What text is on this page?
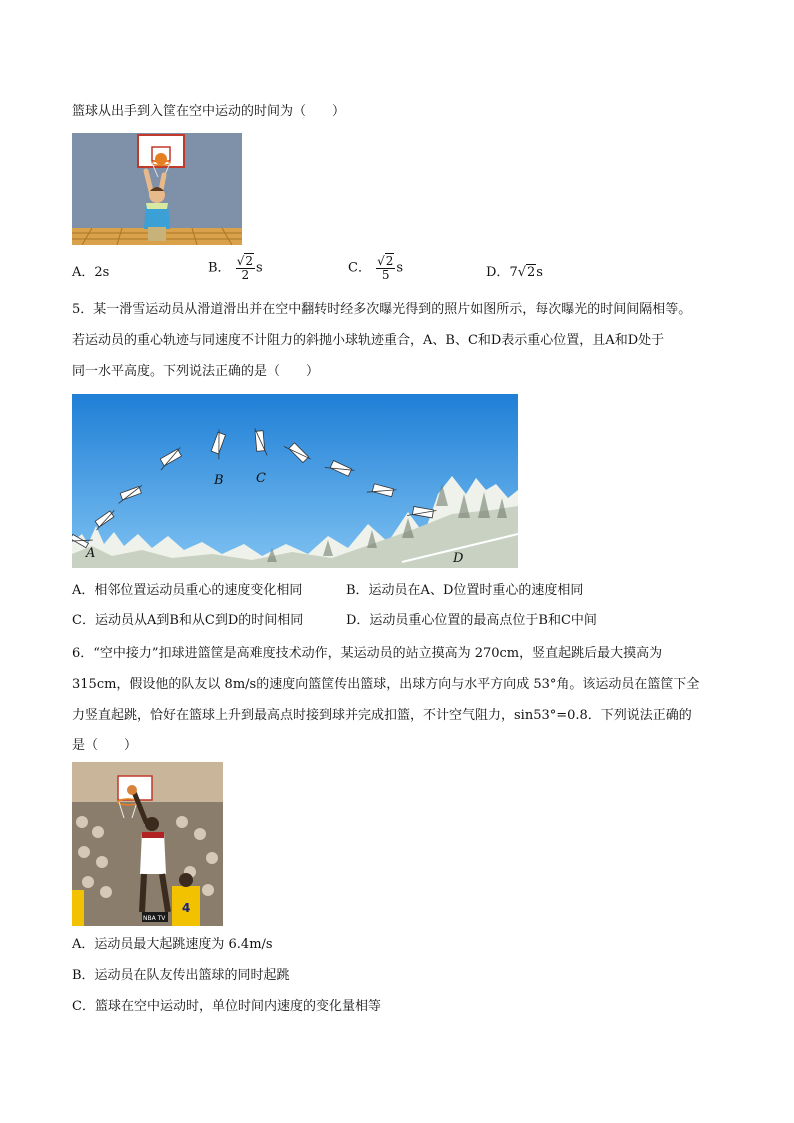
篮球从出手到入筐在空中运动的时间为（　　）
A．2s	B． √ $\frac{2}{2}$ s	C． √ $\frac{2}{5}$ s	D．7 √ 2s
5．某一滑雪运动员从滑道滑出并在空中翻转时经多次曝光得到的照片如图所示，每次曝光的时间间隔相等。
若运动员的重心轨迹与同速度不计阻力的斜抛小球轨迹重合，A、B、C和D表示重心位置，且A和D处于
同一水平高度。下列说法正确的是（　　）
A
B C
D
A．相邻位置运动员重心的速度变化相同	B．运动员在A、D位置时重心的速度相同
C．运动员从A到B和从C到D的时间相同	D．运动员重心位置的最高点位于B和C中间
6．“空中接力”扣球进篮筐是高难度技术动作，某运动员的站立摸高为 270cm，竖直起跳后最大摸高为
315cm，假设他的队友以 8m/s的速度向篮筐传出篮球，出球方向与水平方向成 53°角。该运动员在篮筐下全
力竖直起跳，恰好在篮球上升到最高点时接到球并完成扣篮，不计空气阻力，sin53°=0.8．下列说法正确的
是（　　）
4
NBA TV
A．运动员最大起跳速度为 6.4m/s
B．运动员在队友传出篮球的同时起跳
C．篮球在空中运动时，单位时间内速度的变化量相等
